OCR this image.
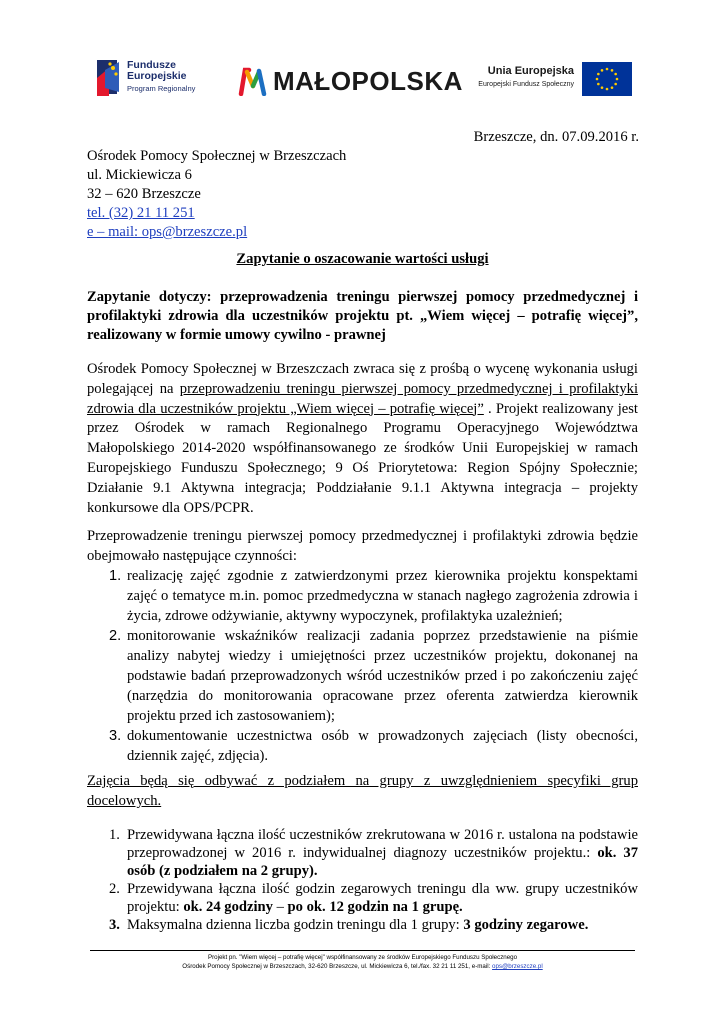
Fundusze
Europejskie
Program Regionalny	MAŁOPOLSKA	Unia Europejska
Europejski Fundusz Społeczny
Brzeszcze, dn. 07.09.2016 r.
Ośrodek Pomocy Społecznej w Brzeszczach
ul. Mickiewicza 6
32 – 620 Brzeszcze
tel. (32) 21 11 251
e – mail: ops@brzeszcze.pl
Zapytanie o oszacowanie wartości usługi
Zapytanie dotyczy: przeprowadzenia treningu pierwszej pomocy przedmedycznej i profilaktyki zdrowia dla uczestników projektu pt. „Wiem więcej – potrafię więcej”, realizowany w formie umowy cywilno - prawnej
Ośrodek Pomocy Społecznej w Brzeszczach zwraca się z prośbą o wycenę wykonania usługi polegającej na przeprowadzeniu treningu pierwszej pomocy przedmedycznej i profilaktyki zdrowia dla uczestników projektu „Wiem więcej – potrafię więcej” . Projekt realizowany jest przez Ośrodek w ramach Regionalnego Programu Operacyjnego Województwa Małopolskiego 2014-2020 współfinansowanego ze środków Unii Europejskiej w ramach Europejskiego Funduszu Społecznego; 9 Oś Priorytetowa: Region Spójny Społecznie; Działanie 9.1 Aktywna integracja; Poddziałanie 9.1.1 Aktywna integracja – projekty konkursowe dla OPS/PCPR.
Przeprowadzenie treningu pierwszej pomocy przedmedycznej i profilaktyki zdrowia będzie obejmowało następujące czynności:
1. realizację zajęć zgodnie z zatwierdzonymi przez kierownika projektu konspektami zajęć o tematyce m.in. pomoc przedmedyczna w stanach nagłego zagrożenia zdrowia i życia, zdrowe odżywianie, aktywny wypoczynek, profilaktyka uzależnień;
2. monitorowanie wskaźników realizacji zadania poprzez przedstawienie na piśmie analizy nabytej wiedzy i umiejętności przez uczestników projektu, dokonanej na podstawie badań przeprowadzonych wśród uczestników przed i po zakończeniu zajęć (narzędzia do monitorowania opracowane przez oferenta zatwierdza kierownik projektu przed ich zastosowaniem);
3. dokumentowanie uczestnictwa osób w prowadzonych zajęciach (listy obecności, dziennik zajęć, zdjęcia).
Zajęcia będą się odbywać z podziałem na grupy z uwzględnieniem specyfiki grup docelowych.
1. Przewidywana łączna ilość uczestników zrekrutowana w 2016 r. ustalona na podstawie przeprowadzonej w 2016 r. indywidualnej diagnozy uczestników projektu.: ok. 37 osób (z podziałem na 2 grupy).
2. Przewidywana łączna ilość godzin zegarowych treningu dla ww. grupy uczestników projektu: ok. 24 godziny – po ok. 12 godzin na 1 grupę.
3. Maksymalna dzienna liczba godzin treningu dla 1 grupy: 3 godziny zegarowe.
Projekt pn. "Wiem więcej – potrafię więcej" współfinansowany ze środków Europejskiego Funduszu Społecznego
Ośrodek Pomocy Społecznej w Brzeszczach, 32-620 Brzeszcze, ul. Mickiewicza 6, tel./fax. 32 21 11 251, e-mail: ops@brzeszcze.pl
